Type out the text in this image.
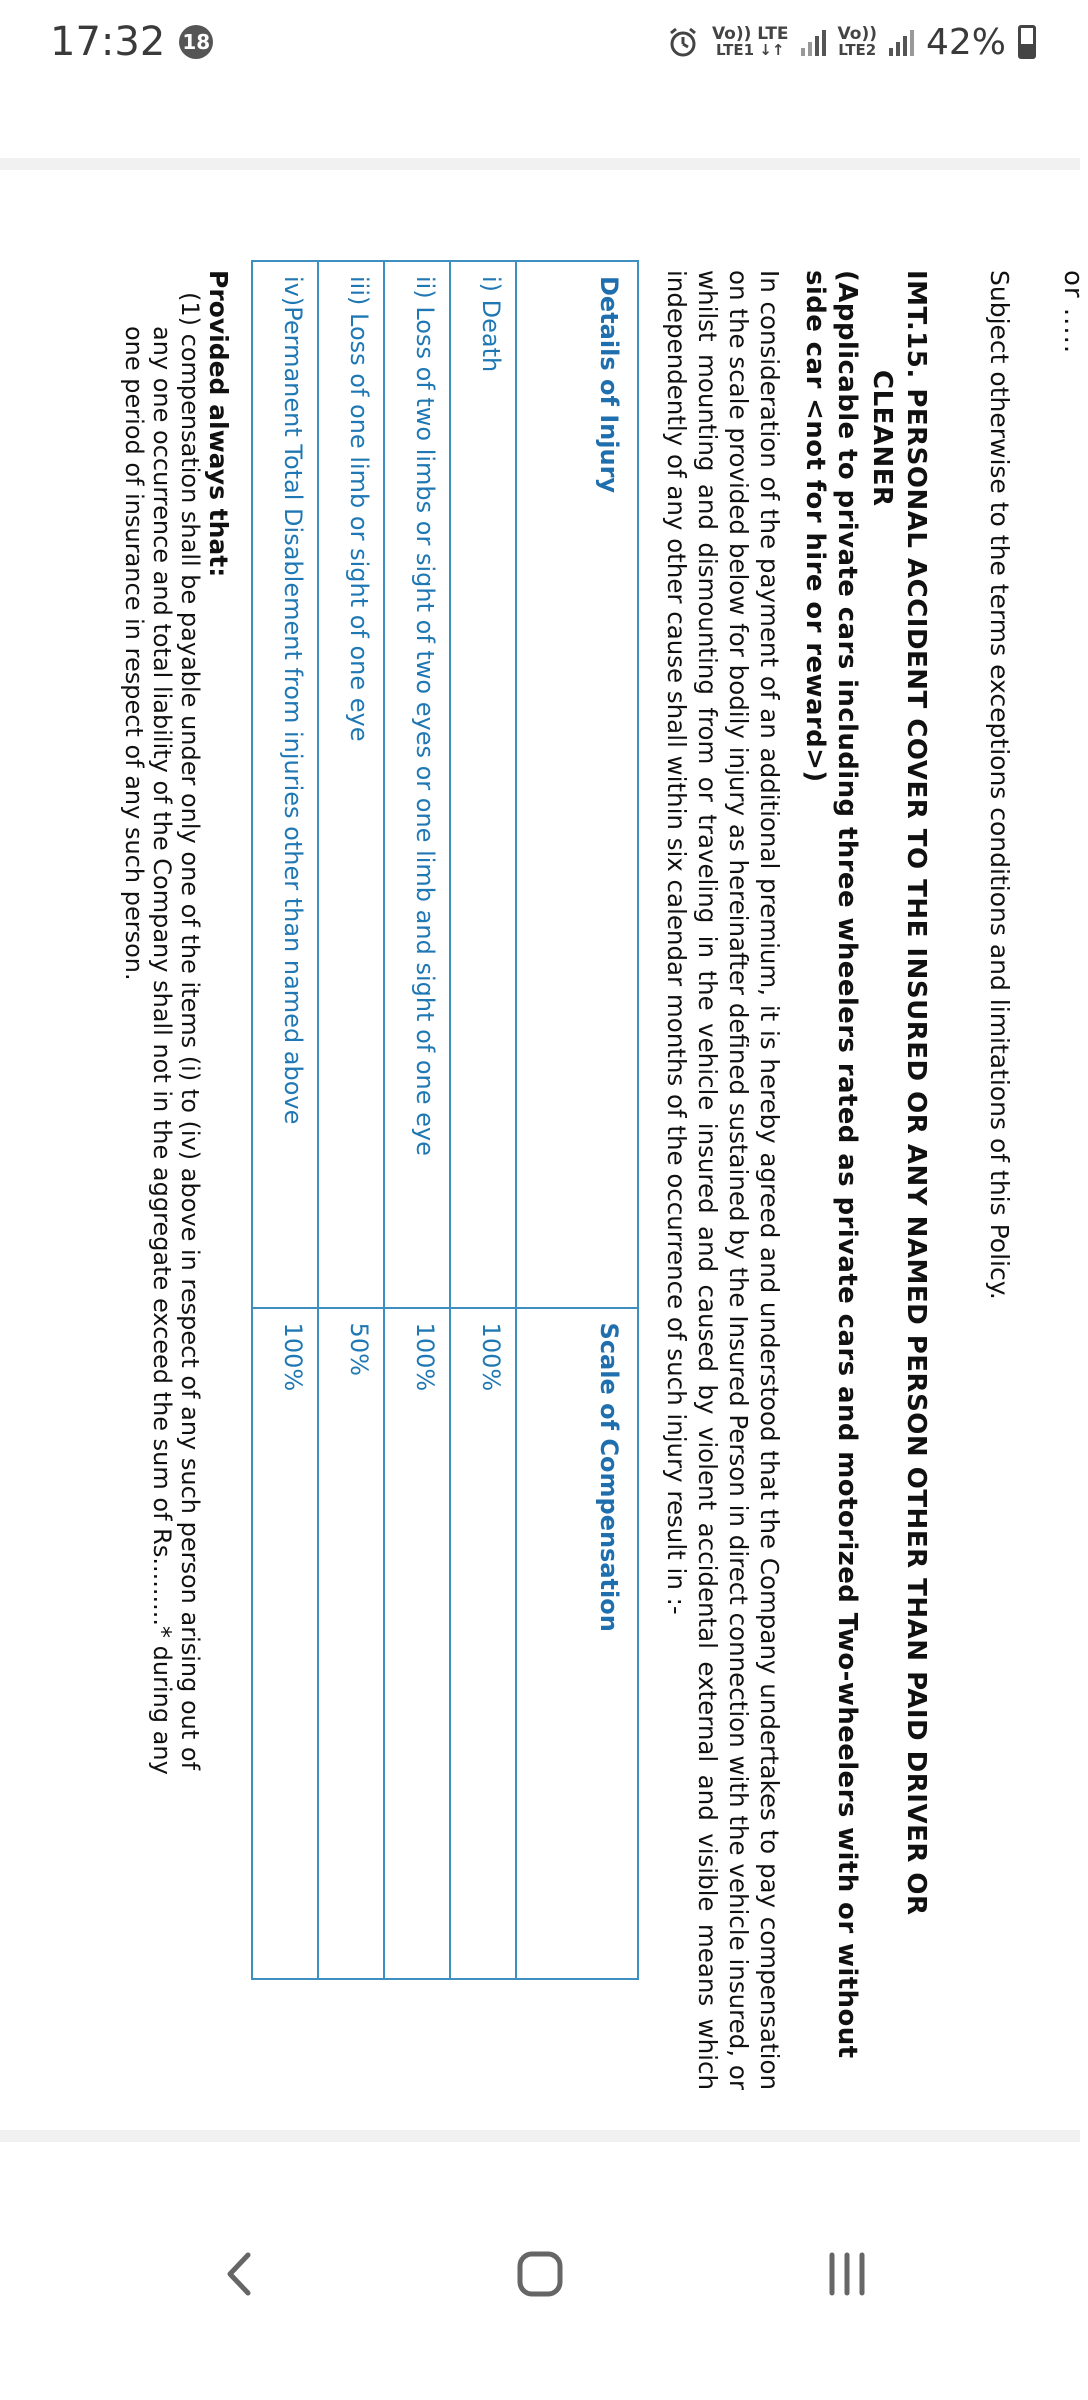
17:32 18	Vo)) LTE
LTE1 ↓↑
Vo))
LTE2 42%
or .....
Subject otherwise to the terms exceptions conditions and limitations of this Policy.
IMT.15. PERSONAL ACCIDENT COVER TO THE INSURED OR ANY NAMED PERSON OTHER THAN PAID DRIVER OR
CLEANER
(Applicable to private cars including three wheelers rated as private cars and motorized Two-wheelers with or without side car <not for hire or reward>)
In consideration of the payment of an additional premium, it is hereby agreed and understood that the Company undertakes to pay compensation on the scale provided below for bodily injury as hereinafter defined sustained by the Insured Person in direct connection with the vehicle insured, or whilst mounting and dismounting from or traveling in the vehicle insured and caused by violent accidental external and visible means which independently of any other cause shall within six calendar months of the occurrence of such injury result in :-
Details of Injury	Scale of Compensation
i) Death	100%
ii) Loss of two limbs or sight of two eyes or one limb and sight of one eye	100%
iii) Loss of one limb or sight of one eye	50%
iv)Permanent Total Disablement from injuries other than named above	100%
Provided always that:
(1) compensation shall be payable under only one of the items (i) to (iv) above in respect of any such person arising out of
any one occurrence and total liability of the Company shall not in the aggregate exceed the sum of Rs.........* during any
one period of insurance in respect of any such person.
